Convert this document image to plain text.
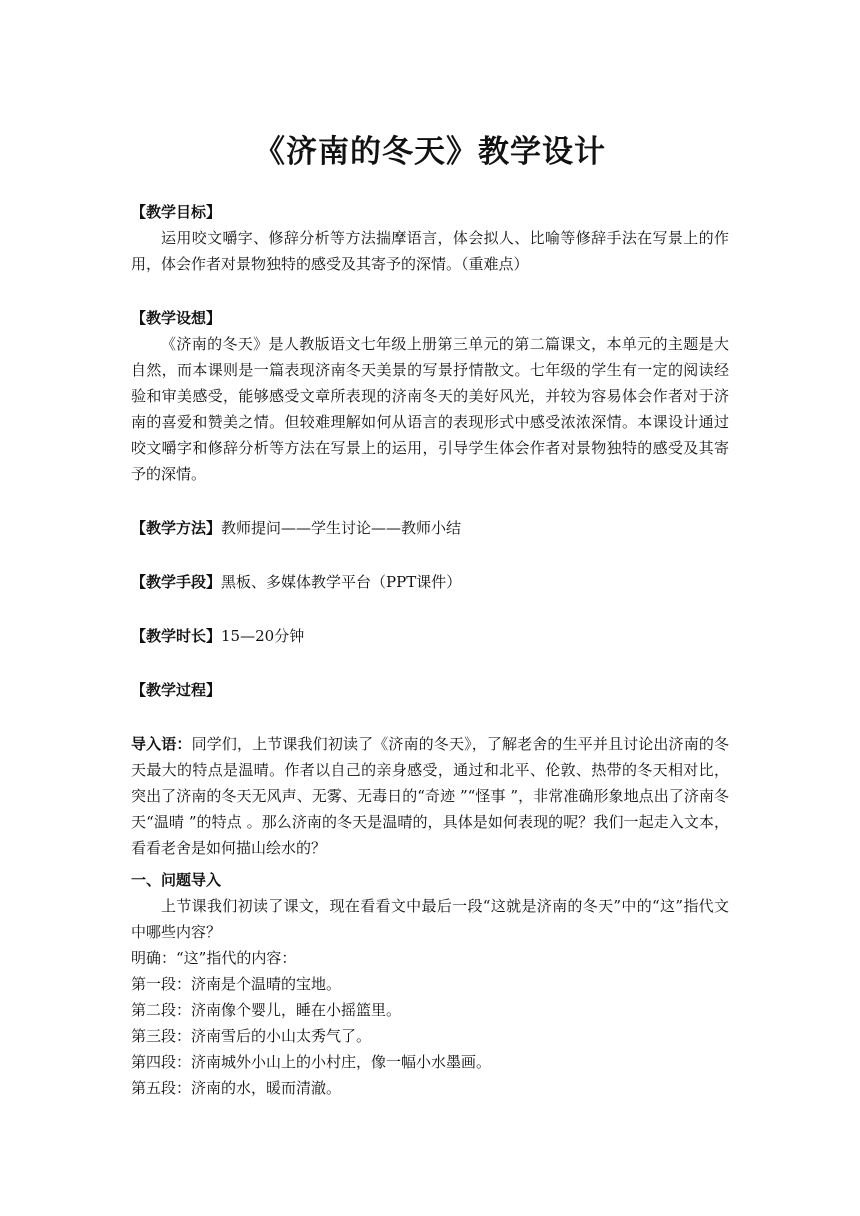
《济南的冬天》教学设计
【教学目标】

运用咬文嚼字、修辞分析等方法揣摩语言，体会拟人、比喻等修辞手法在写景上的作用，体会作者对景物独特的感受及其寄予的深情。（重难点）

【教学设想】

《济南的冬天》是人教版语文七年级上册第三单元的第二篇课文，本单元的主题是大自然，而本课则是一篇表现济南冬天美景的写景抒情散文。七年级的学生有一定的阅读经验和审美感受，能够感受文章所表现的济南冬天的美好风光，并较为容易体会作者对于济南的喜爱和赞美之情。但较难理解如何从语言的表现形式中感受浓浓深情。本课设计通过咬文嚼字和修辞分析等方法在写景上的运用，引导学生体会作者对景物独特的感受及其寄予的深情。

【教学方法】教师提问——学生讨论——教师小结

【教学手段】黑板、多媒体教学平台（PPT课件）

【教学时长】15—20分钟

【教学过程】

导入语：同学们，上节课我们初读了《济南的冬天》，了解老舍的生平并且讨论出济南的冬天最大的特点是温晴。作者以自己的亲身感受，通过和北平、伦敦、热带的冬天相对比，突出了济南的冬天无风声、无雾、无毒日的“奇迹 ”“怪事 ”，非常准确形象地点出了济南冬天“温晴 ”的特点 。那么济南的冬天是温晴的，具体是如何表现的呢？我们一起走入文本，看看老舍是如何描山绘水的？

一、问题导入

上节课我们初读了课文，现在看看文中最后一段“这就是济南的冬天”中的“这”指代文中哪些内容？

明确：“这”指代的内容：

第一段：济南是个温晴的宝地。

第二段：济南像个婴儿，睡在小摇篮里。

第三段：济南雪后的小山太秀气了。

第四段：济南城外小山上的小村庄，像一幅小水墨画。

第五段：济南的水，暖而清澈。
